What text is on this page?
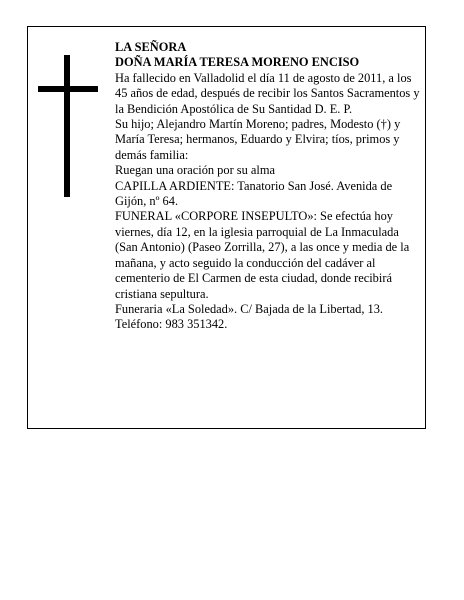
LA SEÑORA

DOÑA MARÍA TERESA MORENO ENCISO

Ha fallecido en Valladolid el día 11 de agosto de 2011, a los 45 años de edad, después de recibir los Santos Sacramentos y la Bendición Apostólica de Su Santidad D. E. P.

Su hijo; Alejandro Martín Moreno; padres, Modesto (†) y María Teresa; hermanos, Eduardo y Elvira; tíos, primos y demás familia:

Ruegan una oración por su alma

CAPILLA ARDIENTE: Tanatorio San José. Avenida de Gijón, nº 64.

FUNERAL «CORPORE INSEPULTO»: Se efectúa hoy viernes, día 12, en la iglesia parroquial de La Inmaculada (San Antonio) (Paseo Zorrilla, 27), a las once y media de la mañana, y acto seguido la conducción del cadáver al cementerio de El Carmen de esta ciudad, donde recibirá cristiana sepultura.

Funeraria «La Soledad». C/ Bajada de la Libertad, 13. Teléfono: 983 351342.
